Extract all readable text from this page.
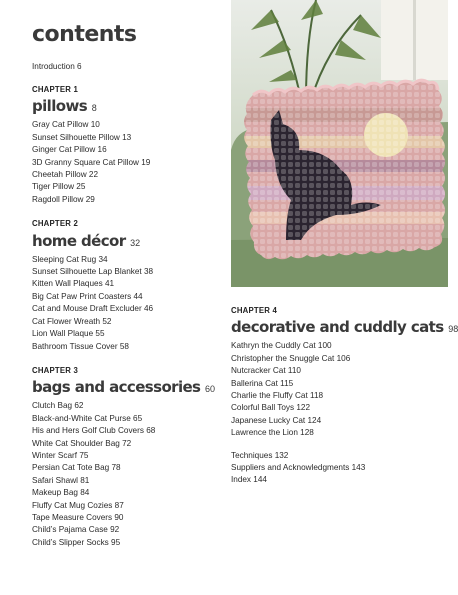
contents
Introduction 6
CHAPTER 1
pillows 8
Gray Cat Pillow 10
Sunset Silhouette Pillow 13
Ginger Cat Pillow 16
3D Granny Square Cat Pillow 19
Cheetah Pillow 22
Tiger Pillow 25
Ragdoll Pillow 29
CHAPTER 2
home décor 32
Sleeping Cat Rug 34
Sunset Silhouette Lap Blanket 38
Kitten Wall Plaques 41
Big Cat Paw Print Coasters 44
Cat and Mouse Draft Excluder 46
Cat Flower Wreath 52
Lion Wall Plaque 55
Bathroom Tissue Cover 58
CHAPTER 3
bags and accessories 60
Clutch Bag 62
Black-and-White Cat Purse 65
His and Hers Golf Club Covers 68
White Cat Shoulder Bag 72
Winter Scarf 75
Persian Cat Tote Bag 78
Safari Shawl 81
Makeup Bag 84
Fluffy Cat Mug Cozies 87
Tape Measure Covers 90
Child’s Pajama Case 92
Child’s Slipper Socks 95
CHAPTER 4
decorative and cuddly cats 98
Kathryn the Cuddly Cat 100
Christopher the Snuggle Cat 106
Nutcracker Cat 110
Ballerina Cat 115
Charlie the Fluffy Cat 118
Colorful Ball Toys 122
Japanese Lucky Cat 124
Lawrence the Lion 128
Techniques 132
Suppliers and Acknowledgments 143
Index 144
